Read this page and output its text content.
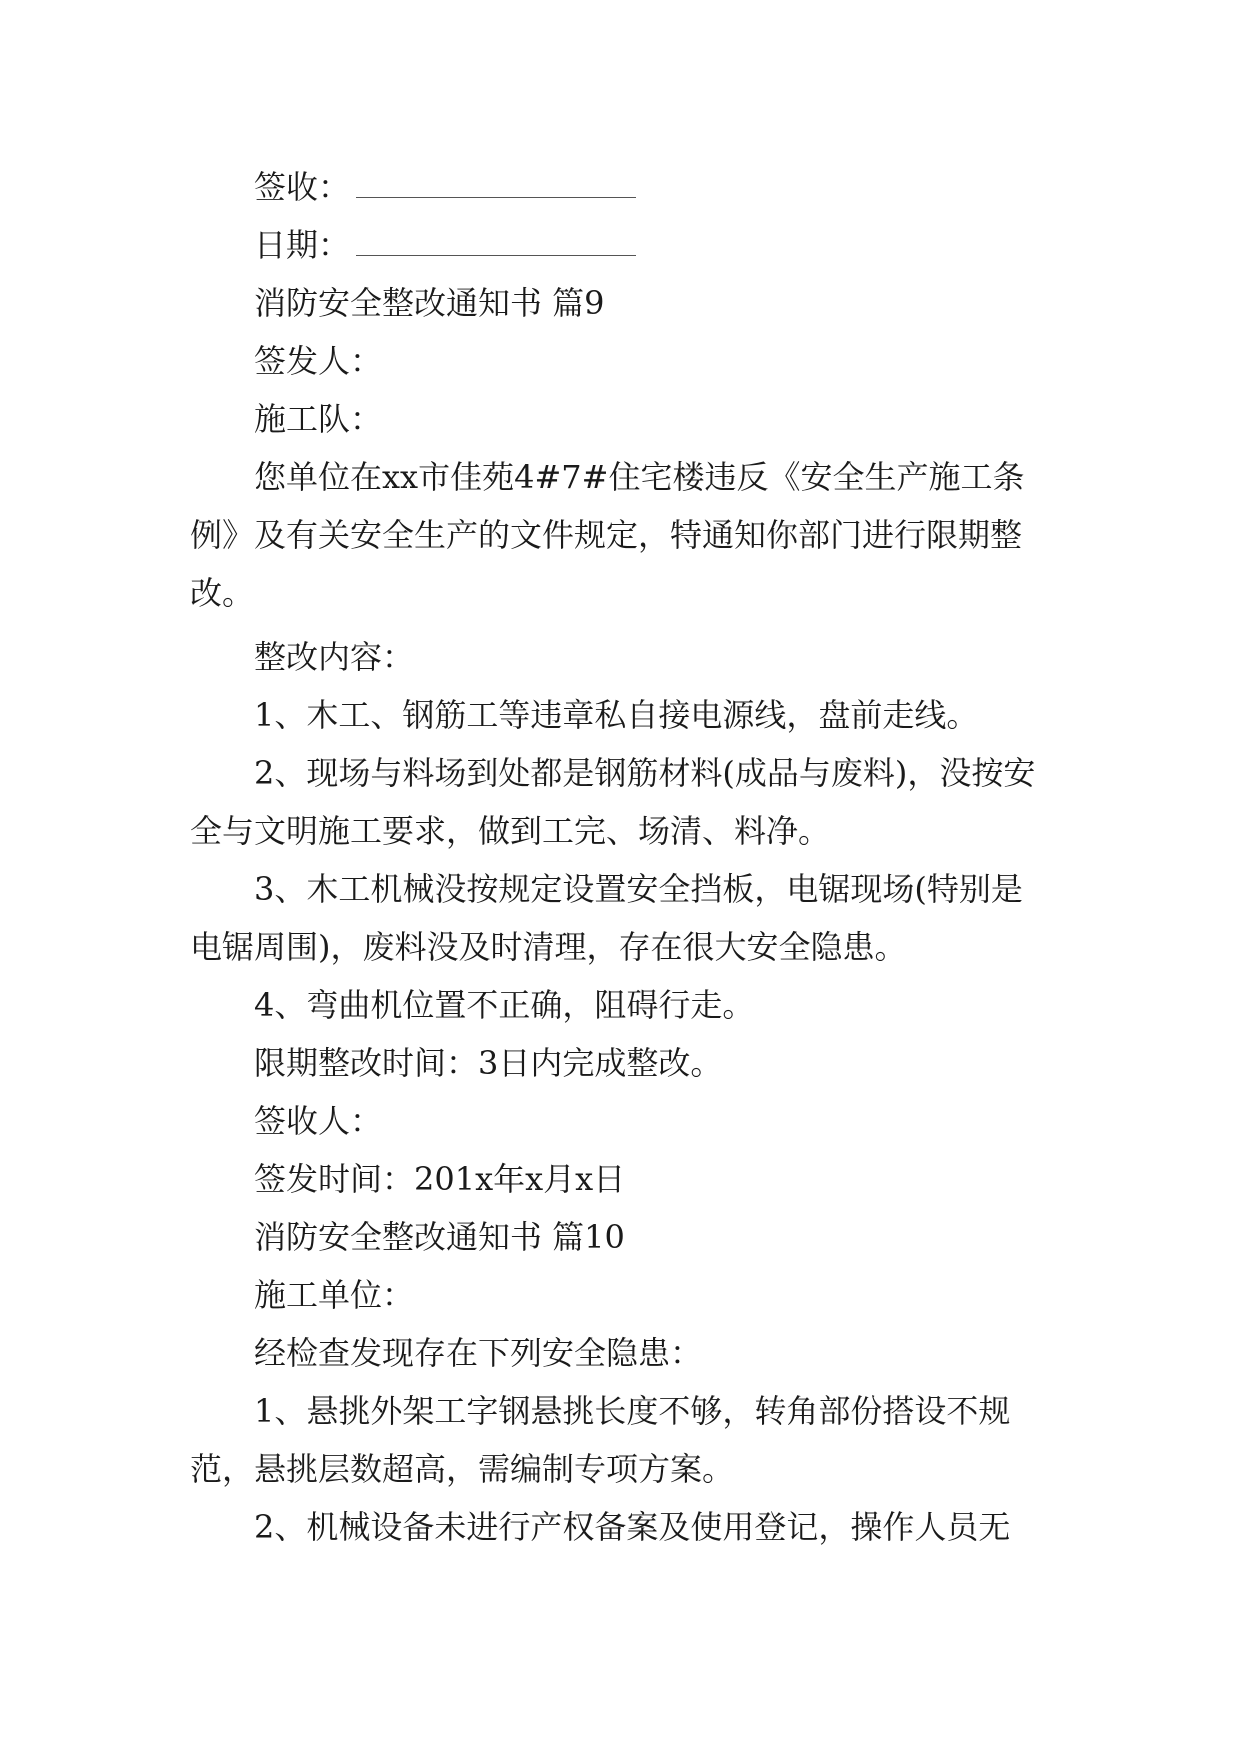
签收：

日期：

消防安全整改通知书 篇9

签发人：

施工队：

您单位在xx市佳苑4#7#住宅楼违反《安全生产施工条例》及有关安全生产的文件规定，特通知你部门进行限期整改。

整改内容：

1、木工、钢筋工等违章私自接电源线，盘前走线。

2、现场与料场到处都是钢筋材料(成品与废料)，没按安全与文明施工要求，做到工完、场清、料净。

3、木工机械没按规定设置安全挡板，电锯现场(特别是电锯周围)，废料没及时清理，存在很大安全隐患。

4、弯曲机位置不正确，阻碍行走。

限期整改时间：3日内完成整改。

签收人：

签发时间：201x年x月x日

消防安全整改通知书 篇10

施工单位：

经检查发现存在下列安全隐患：

1、悬挑外架工字钢悬挑长度不够，转角部份搭设不规范，悬挑层数超高，需编制专项方案。

2、机械设备未进行产权备案及使用登记，操作人员无
